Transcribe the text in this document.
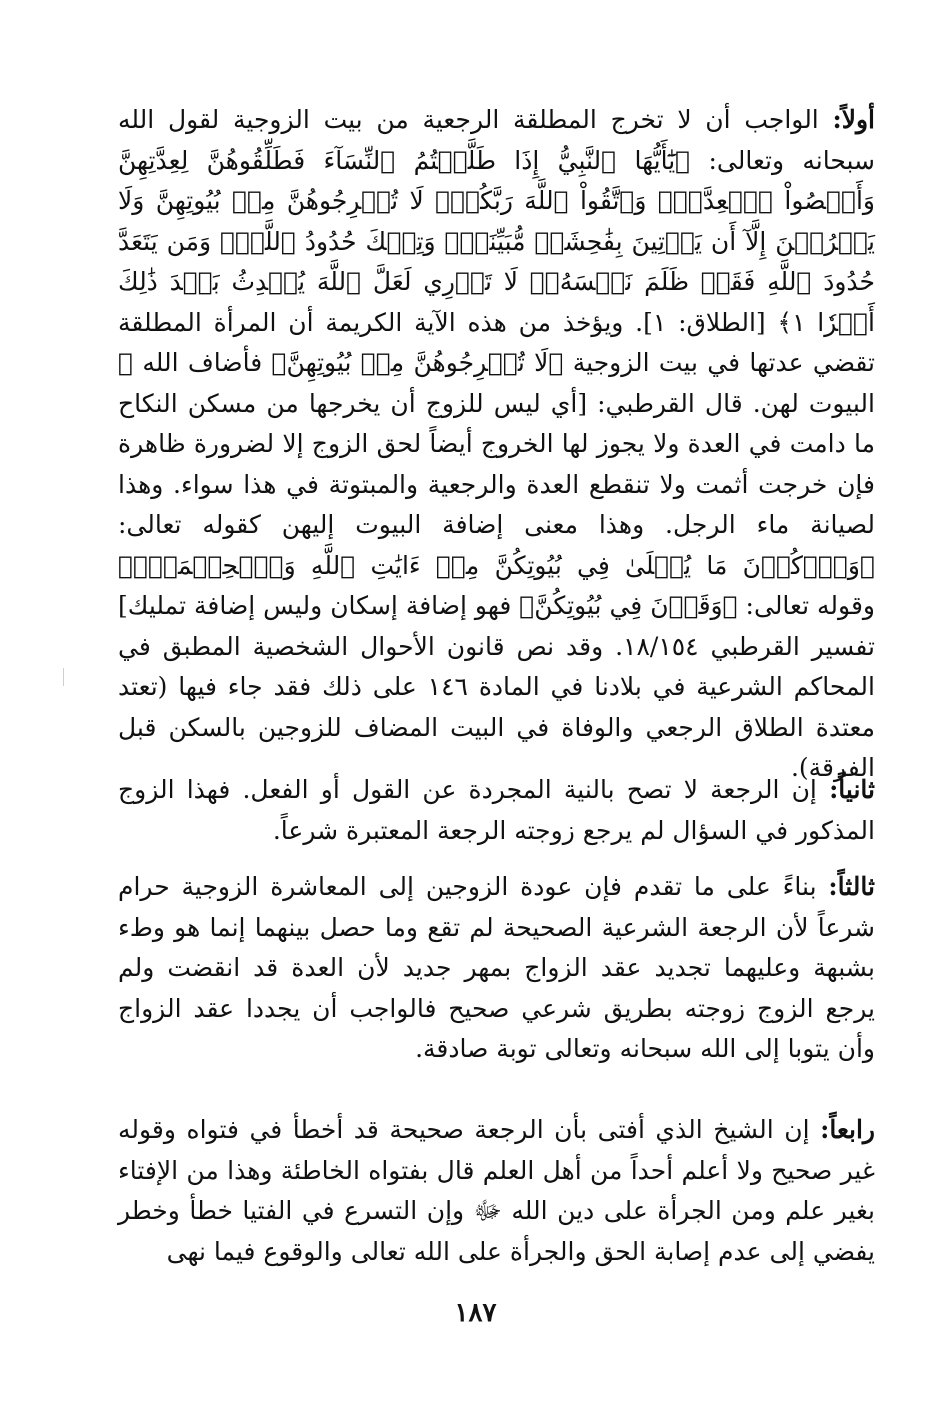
أولاً: الواجب أن لا تخرج المطلقة الرجعية من بيت الزوجية لقول الله سبحانه وتعالى: ﴿يَٰٓأَيُّهَا ٱلنَّبِيُّ إِذَا طَلَّقۡتُمُ ٱلنِّسَآءَ فَطَلِّقُوهُنَّ لِعِدَّتِهِنَّ وَأَحۡصُواْ ٱلۡعِدَّةَۖ وَٱتَّقُواْ ٱللَّهَ رَبَّكُمۡۖ لَا تُخۡرِجُوهُنَّ مِنۢ بُيُوتِهِنَّ وَلَا يَخۡرُجۡنَ إِلَّآ أَن يَأۡتِينَ بِفَٰحِشَةٖ مُّبَيِّنَةٖۚ وَتِلۡكَ حُدُودُ ٱللَّهِۚ وَمَن يَتَعَدَّ حُدُودَ ٱللَّهِ فَقَدۡ ظَلَمَ نَفۡسَهُۥۚ لَا تَدۡرِي لَعَلَّ ٱللَّهَ يُحۡدِثُ بَعۡدَ ذَٰلِكَ أَمۡرٗا ١﴾ [الطلاق: ١]. ويؤخذ من هذه الآية الكريمة أن المرأة المطلقة تقضي عدتها في بيت الزوجية ﴿لَا تُخۡرِجُوهُنَّ مِنۢ بُيُوتِهِنَّ﴾ فأضاف الله ﷻ البيوت لهن. قال القرطبي: [أي ليس للزوج أن يخرجها من مسكن النكاح ما دامت في العدة ولا يجوز لها الخروج أيضاً لحق الزوج إلا لضرورة ظاهرة فإن خرجت أثمت ولا تنقطع العدة والرجعية والمبتوتة في هذا سواء. وهذا لصيانة ماء الرجل. وهذا معنى إضافة البيوت إليهن كقوله تعالى: ﴿وَٱذۡكُرۡنَ مَا يُتۡلَىٰ فِي بُيُوتِكُنَّ مِنۡ ءَايَٰتِ ٱللَّهِ وَٱلۡحِكۡمَةِۚ﴾ وقوله تعالى: ﴿وَقَرۡنَ فِي بُيُوتِكُنَّ﴾ فهو إضافة إسكان وليس إضافة تمليك] تفسير القرطبي ١٨/١٥٤. وقد نص قانون الأحوال الشخصية المطبق في المحاكم الشرعية في بلادنا في المادة ١٤٦ على ذلك فقد جاء فيها (تعتد معتدة الطلاق الرجعي والوفاة في البيت المضاف للزوجين بالسكن قبل الفرقة).
ثانياً: إن الرجعة لا تصح بالنية المجردة عن القول أو الفعل. فهذا الزوج المذكور في السؤال لم يرجع زوجته الرجعة المعتبرة شرعاً.
ثالثاً: بناءً على ما تقدم فإن عودة الزوجين إلى المعاشرة الزوجية حرام شرعاً لأن الرجعة الشرعية الصحيحة لم تقع وما حصل بينهما إنما هو وطء بشبهة وعليهما تجديد عقد الزواج بمهر جديد لأن العدة قد انقضت ولم يرجع الزوج زوجته بطريق شرعي صحيح فالواجب أن يجددا عقد الزواج وأن يتوبا إلى الله سبحانه وتعالى توبة صادقة.
رابعاً: إن الشيخ الذي أفتى بأن الرجعة صحيحة قد أخطأ في فتواه وقوله غير صحيح ولا أعلم أحداً من أهل العلم قال بفتواه الخاطئة وهذا من الإفتاء بغير علم ومن الجرأة على دين الله ﷻ وإن التسرع في الفتيا خطأ وخطر يفضي إلى عدم إصابة الحق والجرأة على الله تعالى والوقوع فيما نهى
١٨٧
